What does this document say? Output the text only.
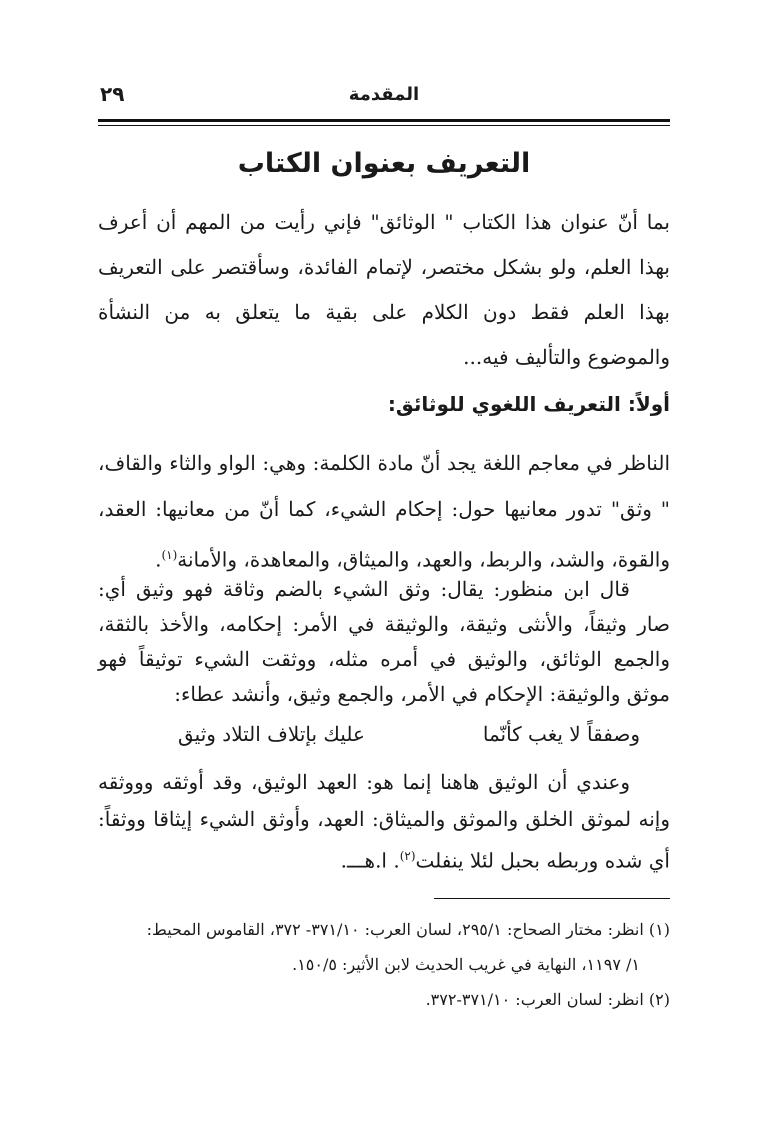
المقدمة
٢٩
التعريف بعنوان الكتاب

بما أنّ عنوان هذا الكتاب " الوثائق" فإني رأيت من المهم أن أعرف بهذا العلم، ولو بشكل مختصر، لإتمام الفائدة، وسأقتصر على التعريف بهذا العلم فقط دون الكلام على بقية ما يتعلق به من النشأة والموضوع والتأليف فيه...

أولاً: التعريف اللغوي للوثائق:

الناظر في معاجم اللغة يجد أنّ مادة الكلمة: وهي: الواو والثاء والقاف، " وثق" تدور معانيها حول: إحكام الشيء، كما أنّ من معانيها: العقد، والقوة، والشد، والربط، والعهد، والميثاق، والمعاهدة، والأمانة$^{(١)}$.

قال ابن منظور: يقال: وثق الشيء بالضم وثاقة فهو وثيق أي: صار وثيقاً، والأنثى وثيقة، والوثيقة في الأمر: إحكامه، والأخذ بالثقة، والجمع الوثائق، والوثيق في أمره مثله، ووثقت الشيء توثيقاً فهو موثق والوثيقة: الإحكام في الأمر، والجمع وثيق، وأنشد عطاء:

وصفقاً لا يغب كأنّما
عليك بإتلاف التلاد وثيق

وعندي أن الوثيق هاهنا إنما هو: العهد الوثيق، وقد أوثقه وووثقه وإنه لموثق الخلق والموثق والميثاق: العهد، وأوثق الشيء إيثاقا ووثقاً: أي شده وربطه بحبل لئلا ينفلت$^{(٢)}$. ا.هـــ.

(١) انظر: مختار الصحاح: ٢٩٥/١، لسان العرب: ٣٧١/١٠- ٣٧٢، القاموس المحيط:

١/ ١١٩٧، النهاية في غريب الحديث لابن الأثير: ١٥٠/٥.

(٢) انظر: لسان العرب: ٣٧١/١٠-٣٧٢.
